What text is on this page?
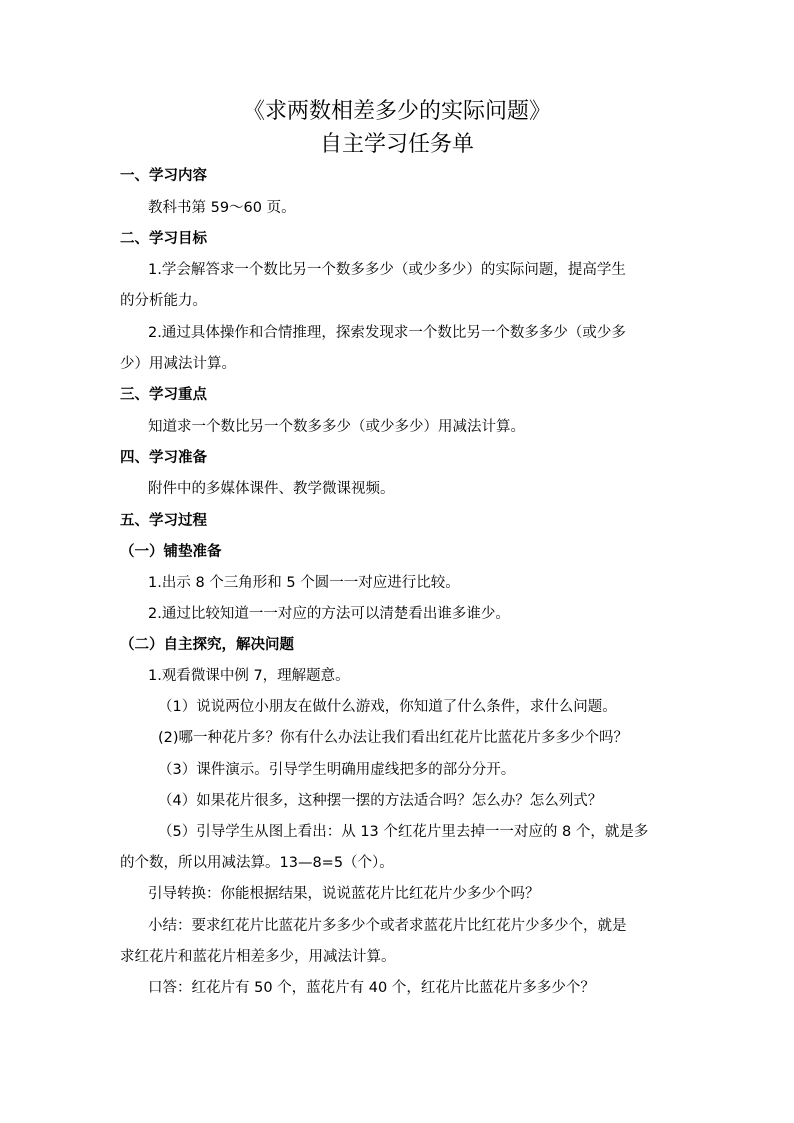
《求两数相差多少的实际问题》
自主学习任务单
一、学习内容
教科书第 59～60 页。
二、学习目标
1.学会解答求一个数比另一个数多多少（或少多少）的实际问题，提高学生
的分析能力。
2.通过具体操作和合情推理，探索发现求一个数比另一个数多多少（或少多
少）用减法计算。
三、学习重点
知道求一个数比另一个数多多少（或少多少）用减法计算。
四、学习准备
附件中的多媒体课件、教学微课视频。
五、学习过程
（一）铺垫准备
1.出示 8 个三角形和 5 个圆一一对应进行比较。
2.通过比较知道一一对应的方法可以清楚看出谁多谁少。
（二）自主探究，解决问题
1.观看微课中例 7，理解题意。
（1）说说两位小朋友在做什么游戏，你知道了什么条件，求什么问题。
(2)哪一种花片多？你有什么办法让我们看出红花片比蓝花片多多少个吗？
（3）课件演示。引导学生明确用虚线把多的部分分开。
（4）如果花片很多，这种摆一摆的方法适合吗？怎么办？怎么列式？
（5）引导学生从图上看出：从 13 个红花片里去掉一一对应的 8 个，就是多
的个数，所以用减法算。13—8=5（个）。
引导转换：你能根据结果，说说蓝花片比红花片少多少个吗？
小结：要求红花片比蓝花片多多少个或者求蓝花片比红花片少多少个，就是
求红花片和蓝花片相差多少，用减法计算。
口答：红花片有 50 个，蓝花片有 40 个，红花片比蓝花片多多少个？
